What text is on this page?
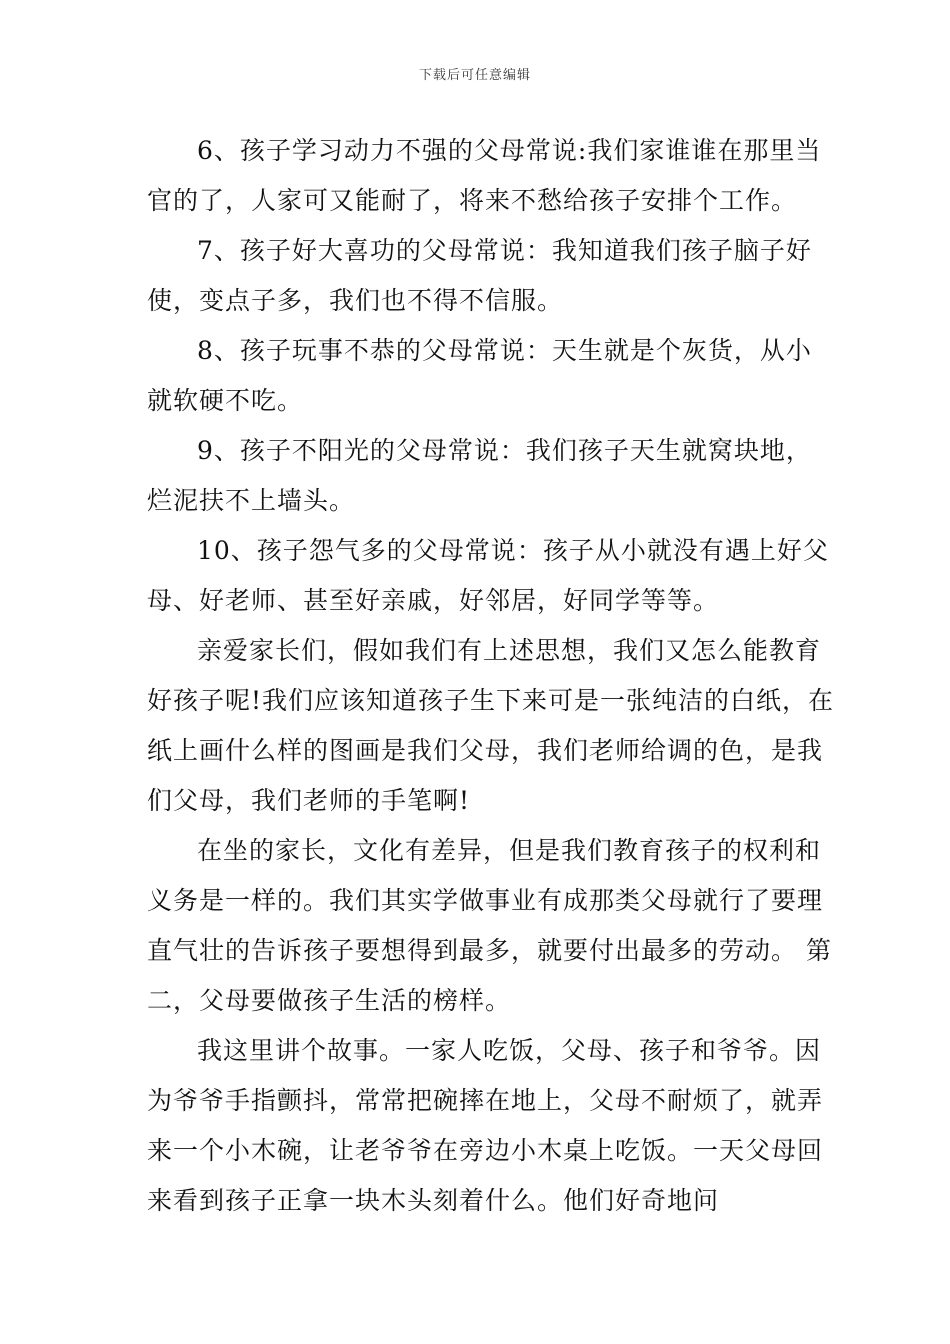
下载后可任意编辑

6、孩子学习动力不强的父母常说:我们家谁谁在那里当官的了，人家可又能耐了，将来不愁给孩子安排个工作。

7、孩子好大喜功的父母常说：我知道我们孩子脑子好使，变点子多，我们也不得不信服。

8、孩子玩事不恭的父母常说：天生就是个灰货，从小就软硬不吃。

9、孩子不阳光的父母常说：我们孩子天生就窝块地，烂泥扶不上墙头。

10、孩子怨气多的父母常说：孩子从小就没有遇上好父母、好老师、甚至好亲戚，好邻居，好同学等等。

亲爱家长们，假如我们有上述思想，我们又怎么能教育好孩子呢!我们应该知道孩子生下来可是一张纯洁的白纸，在纸上画什么样的图画是我们父母，我们老师给调的色，是我们父母，我们老师的手笔啊!

在坐的家长，文化有差异，但是我们教育孩子的权利和义务是一样的。我们其实学做事业有成那类父母就行了要理直气壮的告诉孩子要想得到最多，就要付出最多的劳动。 第二，父母要做孩子生活的榜样。

我这里讲个故事。一家人吃饭，父母、孩子和爷爷。因为爷爷手指颤抖，常常把碗摔在地上，父母不耐烦了，就弄来一个小木碗，让老爷爷在旁边小木桌上吃饭。一天父母回来看到孩子正拿一块木头刻着什么。他们好奇地问
